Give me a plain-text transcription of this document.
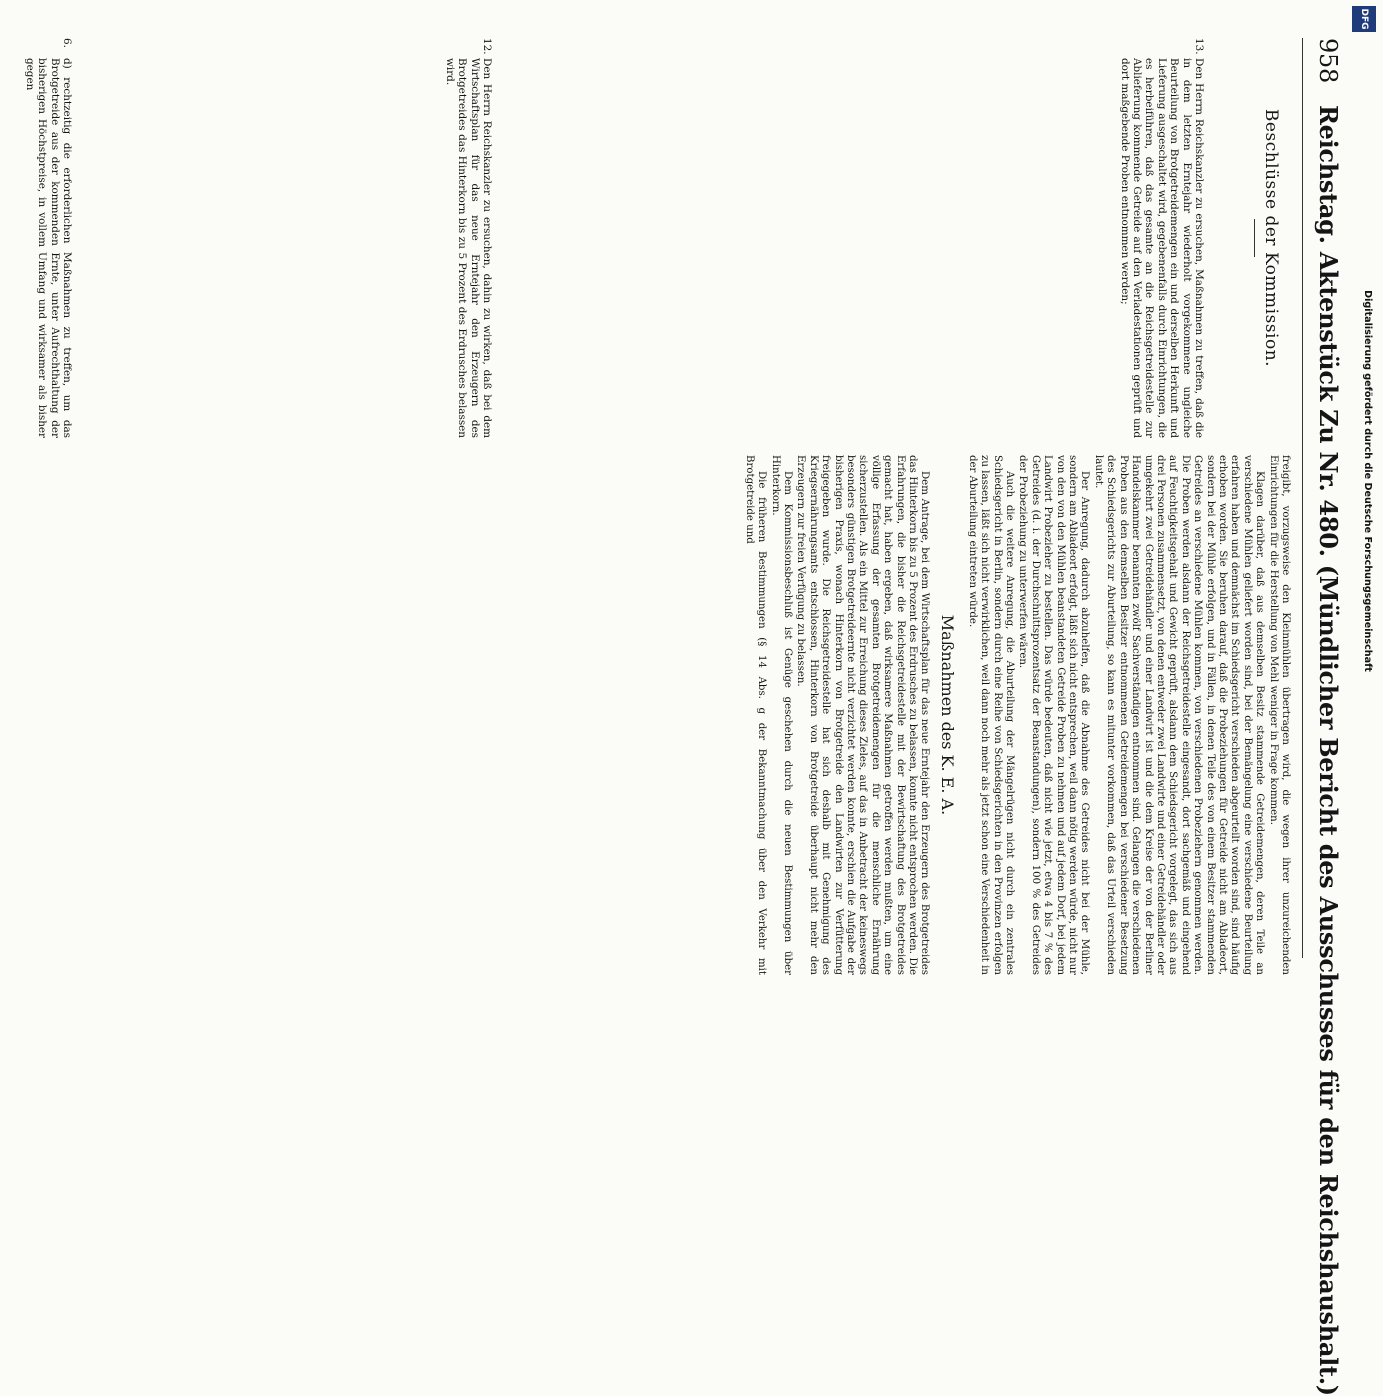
958 Reichstag. Aktenstück Zu Nr. 480. (Mündlicher Bericht des Ausschusses für den Reichshaushalt.)
Beschlüsse der Kommission.
13.
Den Herrn Reichskanzler zu ersuchen, Maßnahmen zu treffen, daß die in dem letzten Erntejahr wiederholt vorgekommene ungleiche Beurteilung von Brotgetreidemengen ein und derselben Herkunft und Lieferung ausgeschaltet wird, gegebenenfalls durch Einrichtungen, die es herbeiführen, daß das gesamte an die Reichsgetreidestelle zur Ablieferung kommende Getreide auf den Verladestationen geprüft und dort maßgebende Proben entnommen werden;
12.
Den Herrn Reichskanzler zu ersuchen, dahin zu wirken, daß bei dem Wirtschaftsplan für das neue Erntejahr den Erzeugern des Brotgetreides das Hinterkorn bis zu 5 Prozent des Erdrusches belassen wird.
6.
d) rechtzeitig die erforderlichen Maßnahmen zu treffen, um das Brotgetreide aus der kommenden Ernte, unter Aufrechthaltung der bisherigen Höchstpreise, in vollem Umfang und wirksamer als bisher gegen

freigibt, vorzugsweise den Kleinmühlen übertragen wird, die wegen ihrer unzureichenden Einrichtungen für die Herstellung von Mehl weniger in Frage kommen.

Klagen darüber, daß aus demselben Besitz stammende Getreidemengen, deren Teile an verschiedene Mühlen geliefert worden sind, bei der Bemängelung eine verschiedene Beurteilung erfahren haben und demnächst im Schiedsgericht verschieden abgeurteilt worden sind, sind häufig erhoben worden. Sie beruhen darauf, daß die Probeziehungen für Getreide nicht am Abladeort, sondern bei der Mühle erfolgen, und in Fällen, in denen Teile des von einem Besitzer stammenden Getreides an verschiedene Mühlen kommen, von verschiedenen Probeziehern genommen werden. Die Proben werden alsdann der Reichsgetreidestelle eingesandt, dort sachgemäß und eingehend auf Feuchtigkeitsgehalt und Gewicht geprüft, alsdann dem Schiedsgericht vorgelegt, das sich aus drei Personen zusammensetzt, von denen entweder zwei Landwirte und einer Getreidehändler oder umgekehrt zwei Getreidehändler und einer Landwirt ist und die dem Kreise der von der Berliner Handelskammer benannten zwölf Sachverständigen entnommen sind. Gelangen die verschiedenen Proben aus den demselben Besitzer entnommenen Getreidemengen bei verschiedener Besetzung des Schiedsgerichts zur Aburteilung, so kann es mitunter vorkommen, daß das Urteil verschieden lautet.

Der Anregung, dadurch abzuhelfen, daß die Abnahme des Getreides nicht bei der Mühle, sondern am Abladeort erfolgt, läßt sich nicht entsprechen, weil dann nötig werden würde, nicht nur von den von den Mühlen beanstandeten Getreide Proben zu nehmen und auf jedem Dorf, bei jedem Landwirt Probezieher zu bestellen. Das würde bedeuten, daß nicht wie jetzt, etwa 4 bis 7 % des Getreides (d. i. der Durchschnittsprozentsatz der Beanstandungen), sondern 100 % des Getreides der Probeziehung zu unterwerfen wären.

Auch die weitere Anregung, die Aburteilung der Mängelrügen nicht durch ein zentrales Schiedsgericht in Berlin, sondern durch eine Reihe von Schiedsgerichten in den Provinzen erfolgen zu lassen, läßt sich nicht verwirklichen, weil dann noch mehr als jetzt schon eine Verschiedenheit in der Aburteilung eintreten würde.

Maßnahmen des K. E. A.

Dem Antrage, bei dem Wirtschaftsplan für das neue Erntejahr den Erzeugern des Brotgetreides das Hinterkorn bis zu 5 Prozent des Erdrusches zu belassen, konnte nicht entsprochen werden. Die Erfahrungen, die bisher die Reichsgetreidestelle mit der Bewirtschaftung des Brotgetreides gemacht hat, haben ergeben, daß wirksamere Maßnahmen getroffen werden mußten, um eine völlige Erfassung der gesamten Brotgetreidemengen für die menschliche Ernährung sicherzustellen. Als ein Mittel zur Erreichung dieses Zieles, auf das in Anbetracht der keineswegs besonders günstigen Brotgetreideernte nicht verzichtet werden konnte, erschien die Aufgabe der bisherigen Praxis, wonach Hinterkorn von Brotgetreide den Landwirten zur Verfütterung freigegeben wurde. Die Reichsgetreidestelle hat sich deshalb mit Genehmigung des Kriegsernährungsamts entschlossen, Hinterkorn von Brotgetreide überhaupt nicht mehr den Erzeugern zur freien Verfügung zu belassen.

Dem Kommissionsbeschluß ist Genüge geschehen durch die neuen Bestimmungen über Hinterkorn.

Die früheren Bestimmungen (§ 14 Abs. g der Bekanntmachung über den Verkehr mit Brotgetreide und

DFG
Digitalisierung gefördert durch die Deutsche Forschungsgemeinschaft
